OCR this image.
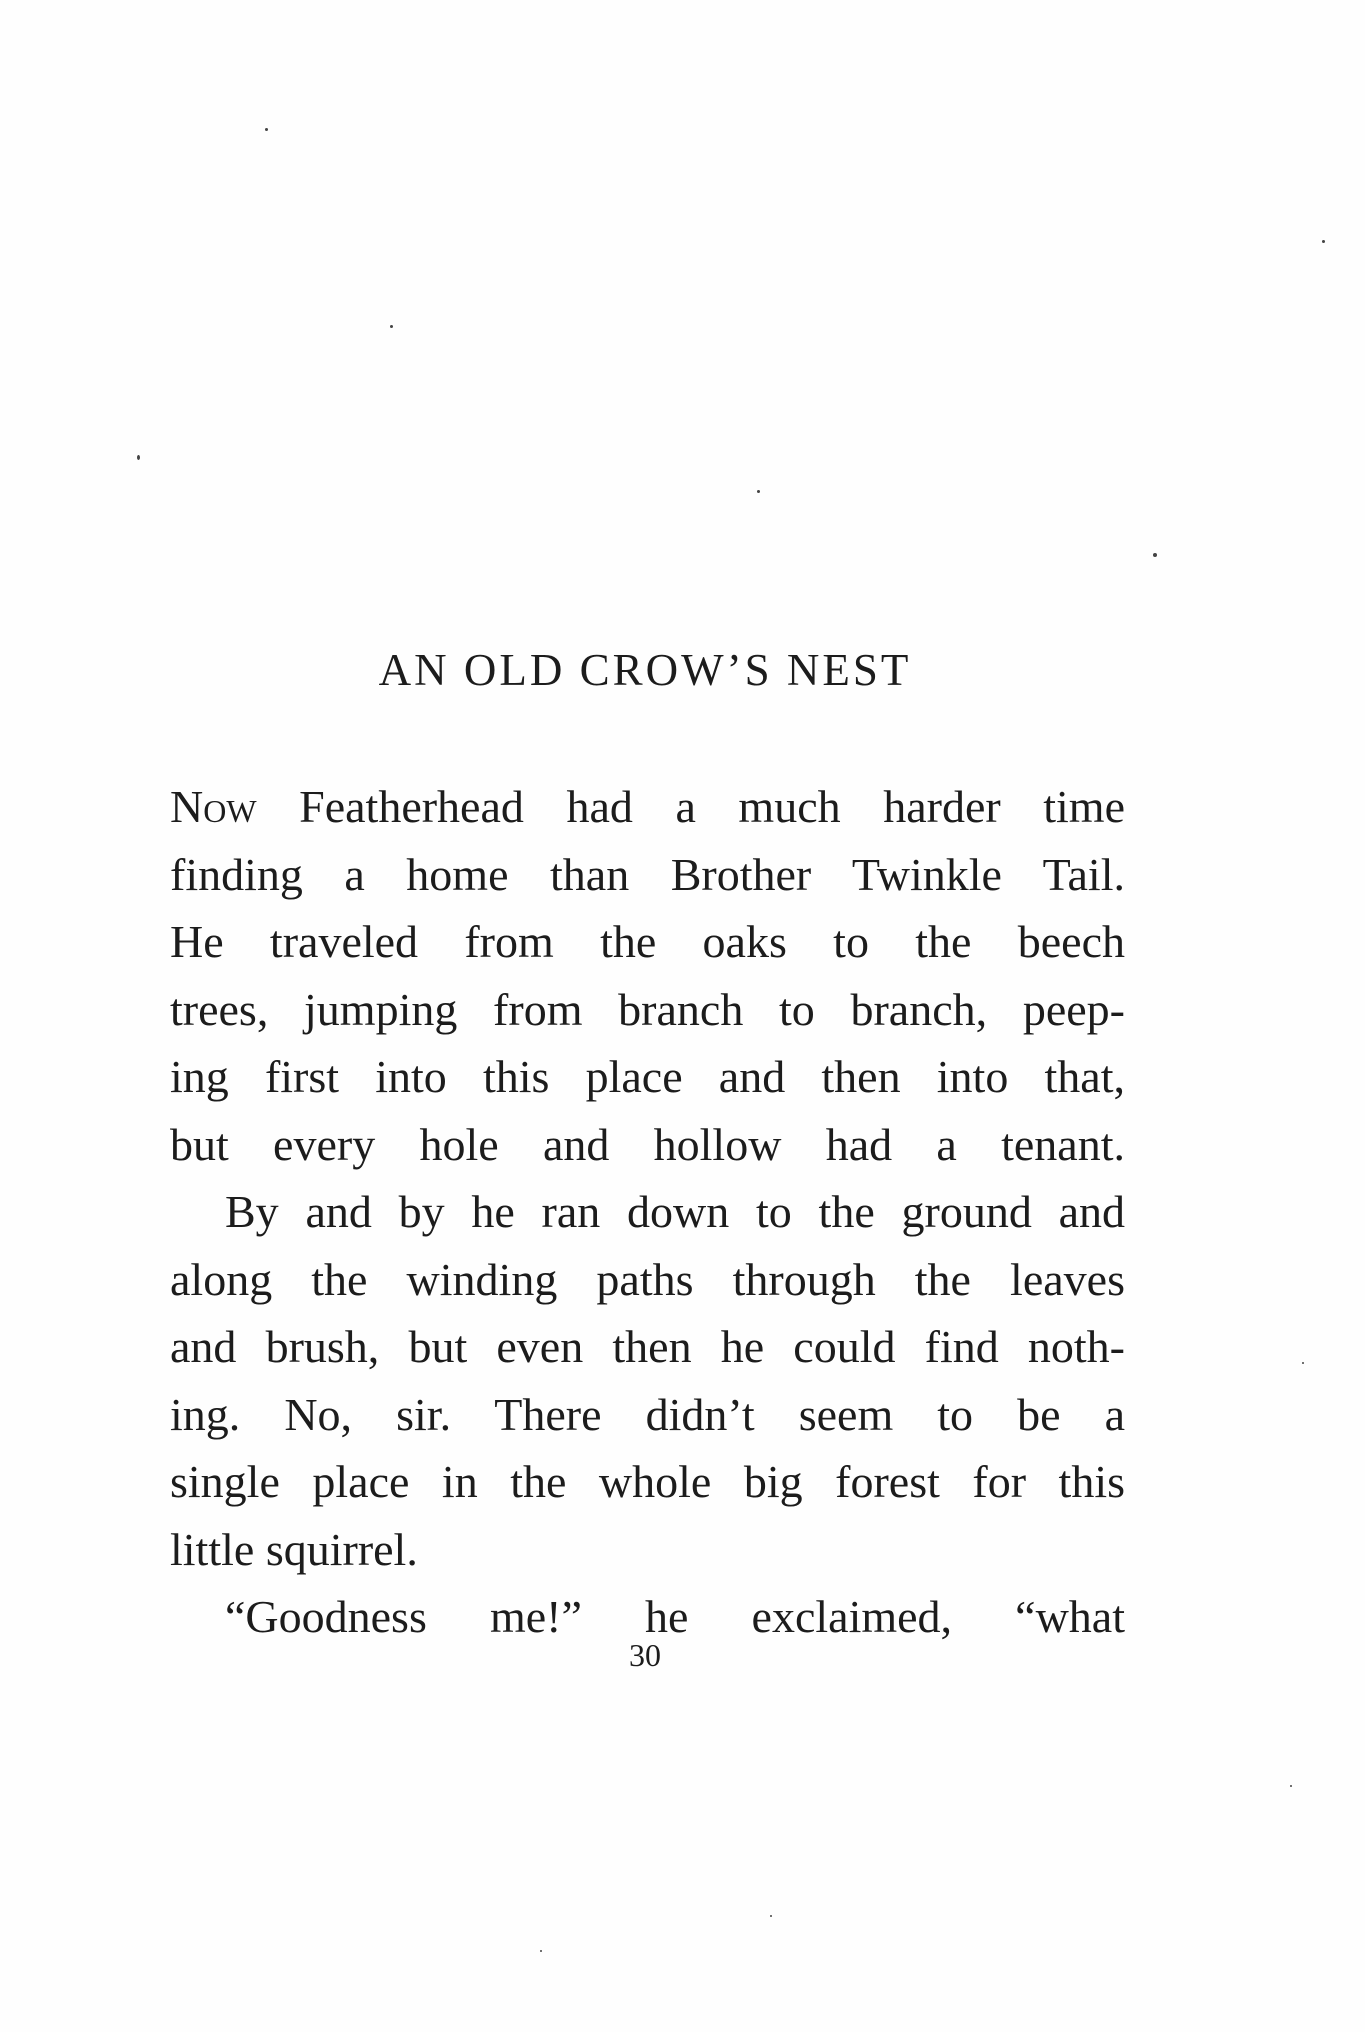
AN OLD CROW’S NEST
Now Featherhead had a much harder time
finding a home than Brother Twinkle Tail.
He traveled from the oaks to the beech
trees, jumping from branch to branch, peep-
ing first into this place and then into that,
but every hole and hollow had a tenant.
By and by he ran down to the ground and
along the winding paths through the leaves
and brush, but even then he could find noth-
ing. No, sir. There didn’t seem to be a
single place in the whole big forest for this
little squirrel.
“Goodness me!” he exclaimed, “what
30
